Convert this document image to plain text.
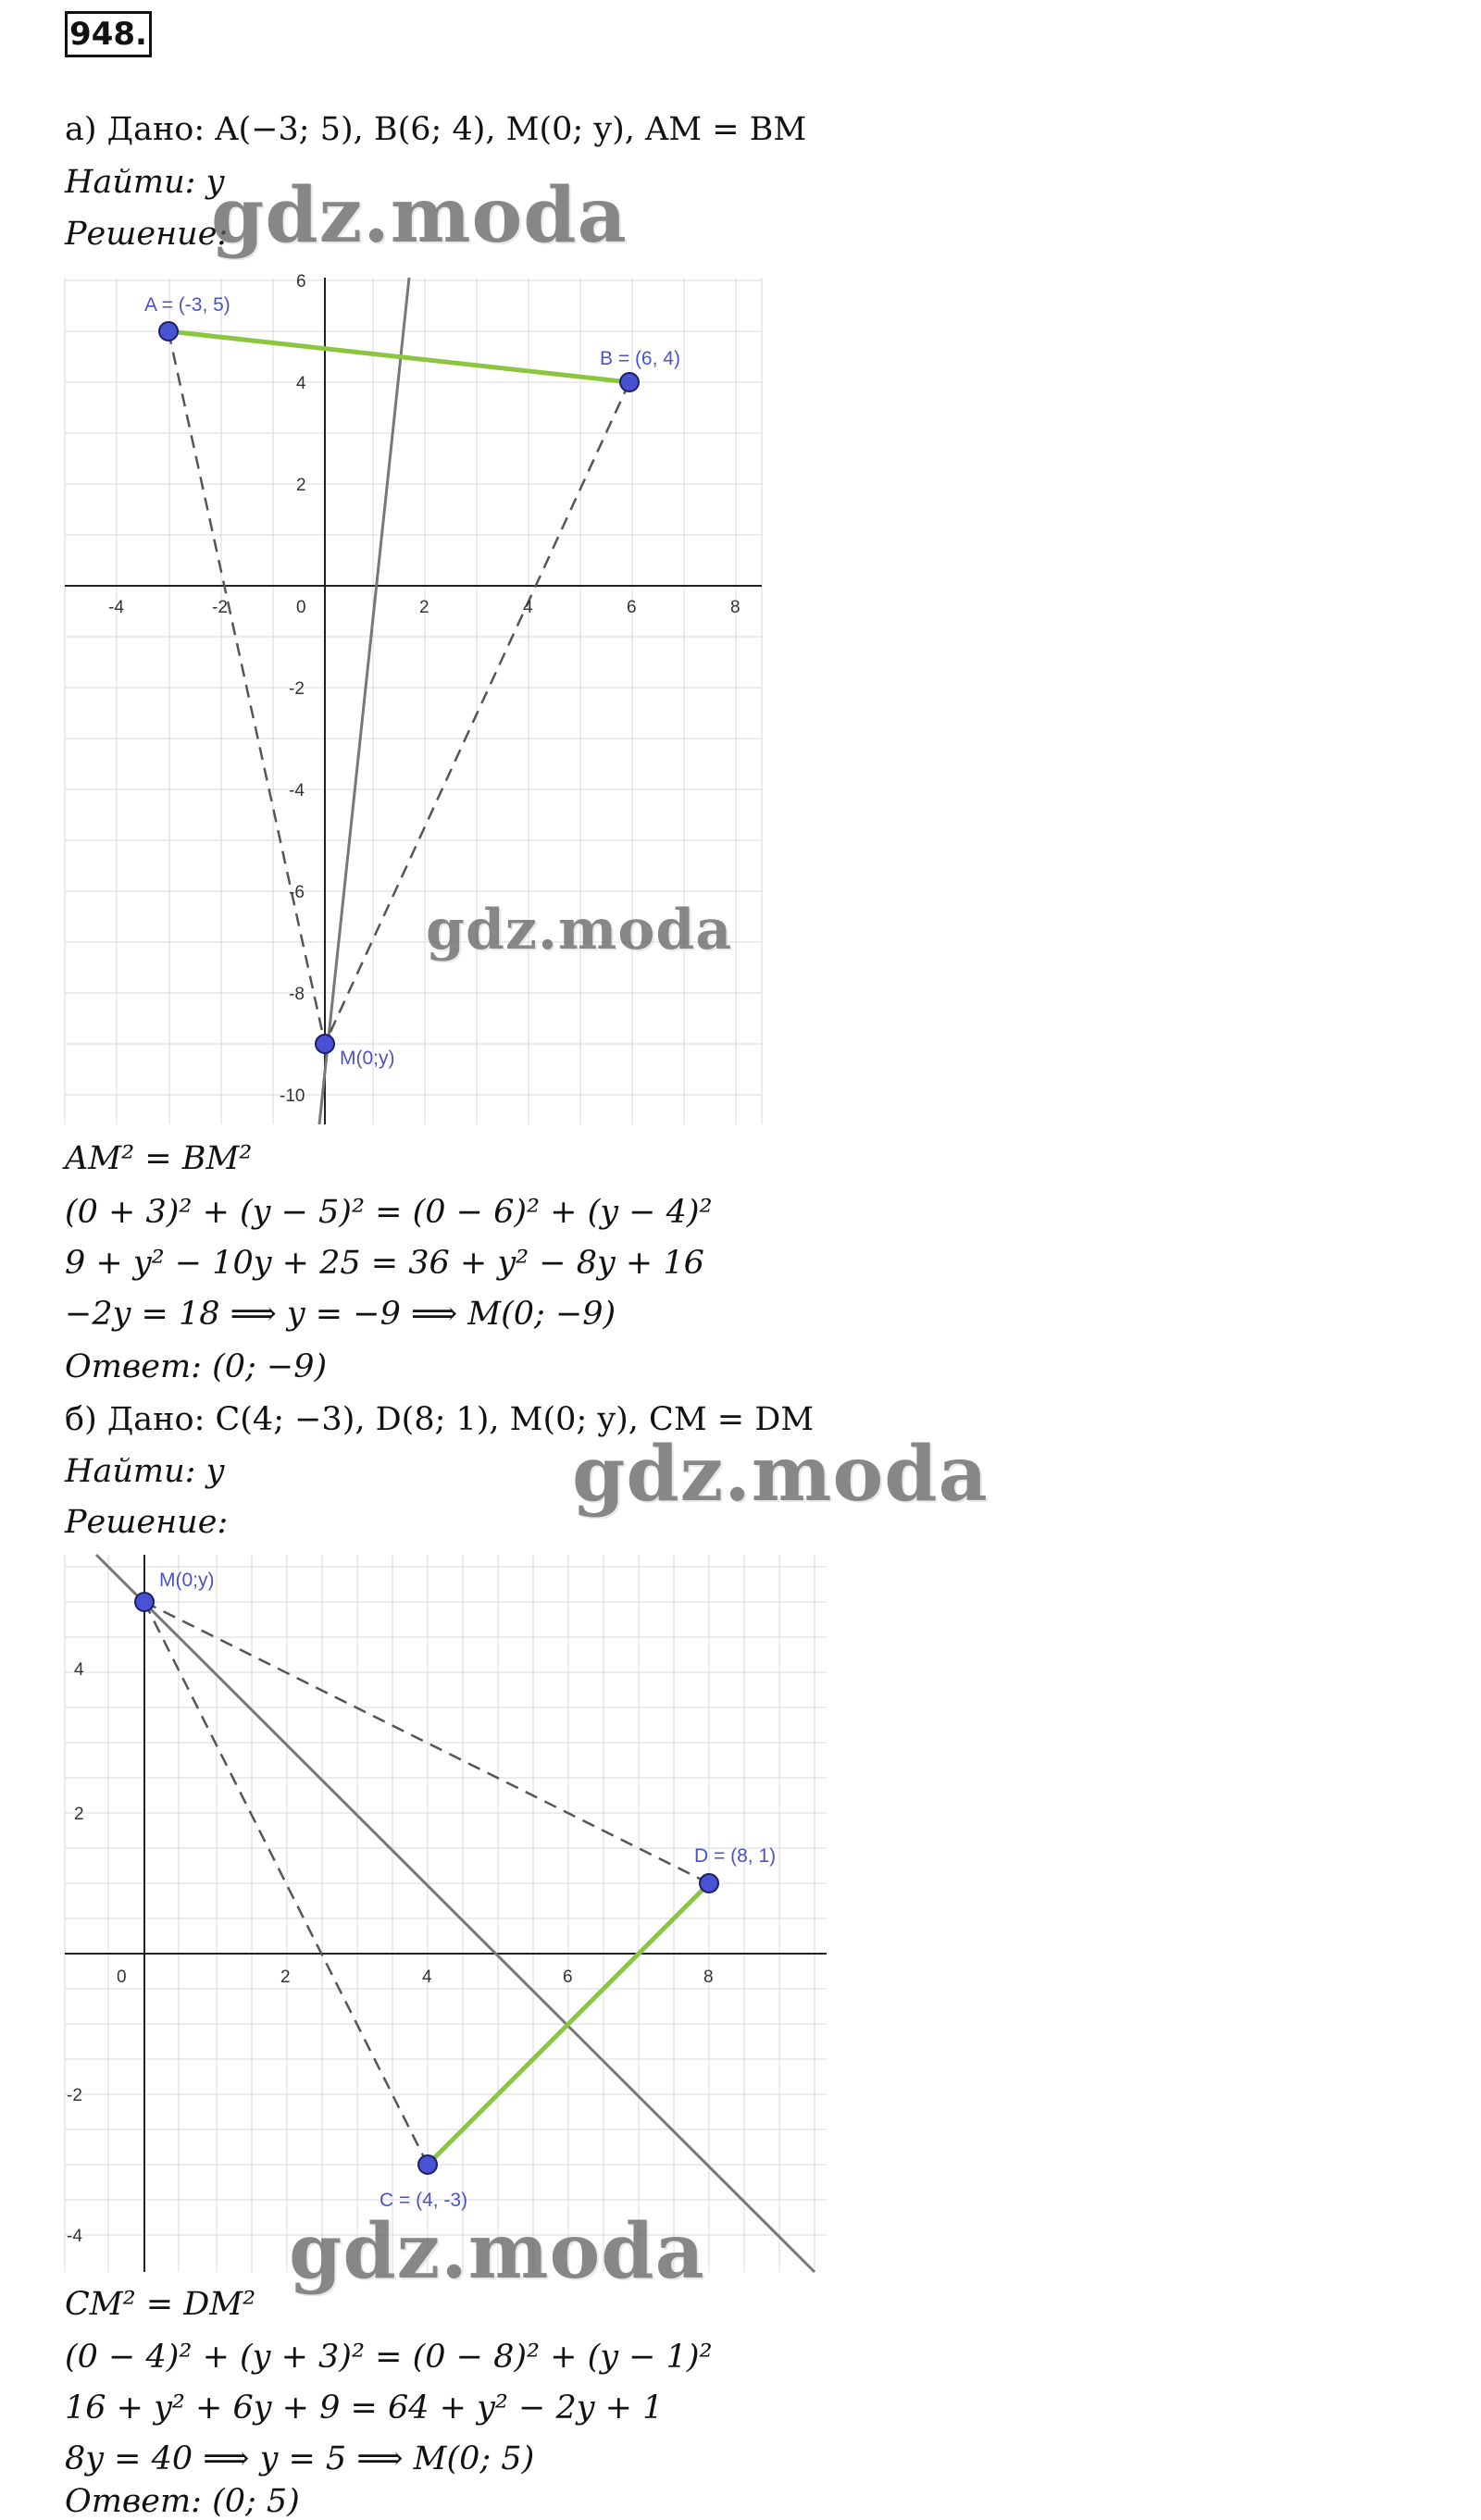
948.
а) Дано: A(−3; 5), B(6; 4), M(0; y), AM = BM
Найти: y
Решение:
A = (-3, 5)
B = (6, 4)
M(0;y)
-4	-2	0	2	4	6	8
6
4
2
-2
-4
-6
-8
-10
AM² = BM²
(0 + 3)² + (y − 5)² = (0 − 6)² + (y − 4)²
9 + y² − 10y + 25 = 36 + y² − 8y + 16
−2y = 18 ⟹ y = −9 ⟹ M(0; −9)
Ответ: (0; −9)
б) Дано: C(4; −3), D(8; 1), M(0; y), CM = DM
Найти: y
Решение:
M(0;y)
C = (4, -3)
D = (8, 1)
0	2	4	6	8
4
2
-2
-4
CM² = DM²
(0 − 4)² + (y + 3)² = (0 − 8)² + (y − 1)²
16 + y² + 6y + 9 = 64 + y² − 2y + 1
8y = 40 ⟹ y = 5 ⟹ M(0; 5)
Ответ: (0; 5)
gdz.moda
gdz.moda
gdz.moda
gdz.moda
